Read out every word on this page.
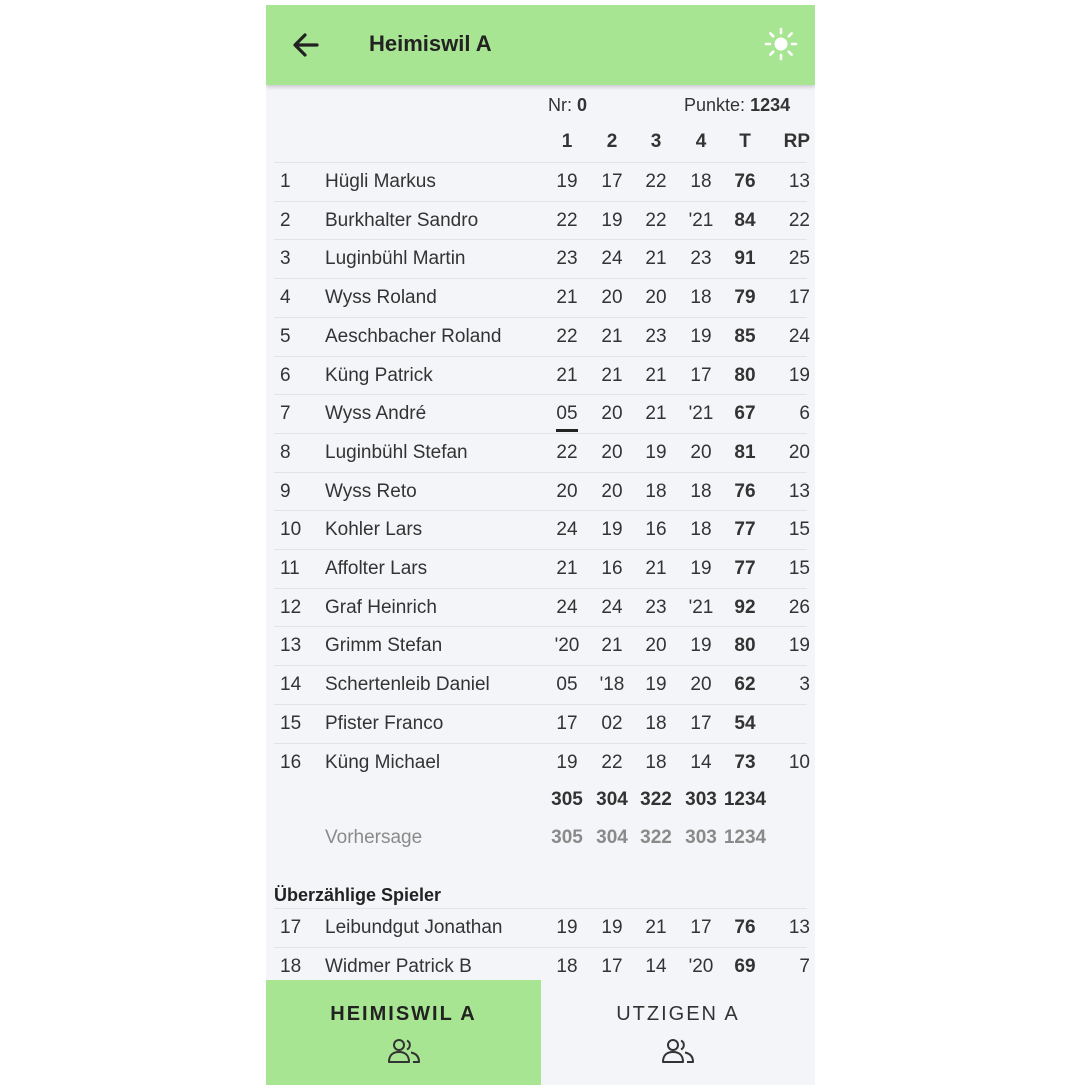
Heimiswil A
Nr: 0	Punkte: 1234
1	2	3	4	T	RP
1 Hügli Markus	19	17	22	18	76	13
2 Burkhalter Sandro	22	19	22	'21	84	22
3 Luginbühl Martin	23	24	21	23	91	25
4 Wyss Roland	21	20	20	18	79	17
5 Aeschbacher Roland	22	21	23	19	85	24
6 Küng Patrick	21	21	21	17	80	19
7 Wyss André	05	20	21	'21	67	6
8 Luginbühl Stefan	22	20	19	20	81	20
9 Wyss Reto	20	20	18	18	76	13
10 Kohler Lars	24	19	16	18	77	15
11 Affolter Lars	21	16	21	19	77	15
12 Graf Heinrich	24	24	23	'21	92	26
13 Grimm Stefan	'20	21	20	19	80	19
14 Schertenleib Daniel	05	'18	19	20	62	3
15 Pfister Franco	17	02	18	17	54
16 Küng Michael	19	22	18	14	73	10
305 304 322 303 1234
Vorhersage	305 304 322 303 1234
Überzählige Spieler
17 Leibundgut Jonathan	19	19	21	17	76	13
18 Widmer Patrick B	18	17	14	'20	69	7
HEIMISWIL A	UTZIGEN A
